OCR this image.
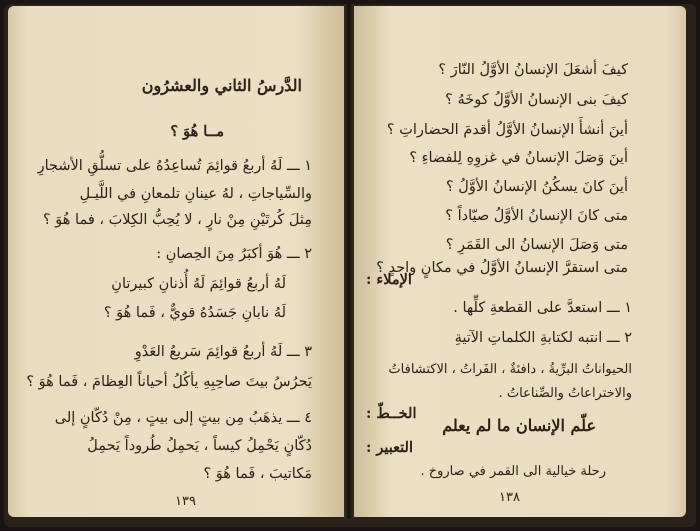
الدَّرسُ الثاني والعشرُون
مــا هُوَ ؟
١ ـــ لَهُ أربعُ قوائِمَ تُساعِدُهُ على تسلُّقِ الأشجارِ
والسِّياجاتِ ، لهُ عينانِ تلمعانِ في اللَّيـلِ
مِثلَ كُرتَيْنِ مِنْ نارٍ ، لا يُحِبُّ الكِلابَ ، فما هُوَ ؟
٢ ـــ هُوَ أكبَرُ مِنَ الحِصانِ :
لَهُ أربعُ قوائِمَ لَهُ أُذنانِ كبيرتانِ
لَهُ نابانِ جَسَدُهُ قويٌّ ، فَما هُوَ ؟
٣ ـــ لَهُ أربعُ قوائِمَ سَريعُ العَدْوِ
يَحرُسُ بيتَ صاحِبِهِ يأكُلُ أحياناً العِظامَ ، فَما هُوَ ؟
٤ ـــ يذهَبُ مِن بيتٍ إلى بيتٍ ، مِنْ دُكّانٍ إلى
دُكّانٍ يَحْمِلُ كيساً ، يَحمِلُ طُروداً يَحمِلُ
مَكاتيبَ ، فَما هُوَ ؟
١٣٩
كيفَ أشعَلَ الإنسانُ الأوَّلُ النّارَ ؟
كيفَ بنى الإنسانُ الأوَّلُ كوخَهُ ؟
أينَ أنشأَ الإنسانُ الأوَّلُ أقدمَ الحضاراتِ ؟
أينَ وَصَلَ الإنسانُ في غزوِهِ لِلفضاءِ ؟
أينَ كانَ يسكُنُ الإنسانُ الأوَّلُ ؟
متى كانَ الإنسانُ الأوَّلُ صيّاداً ؟
متى وَصَلَ الإنسانُ الى القَمَرِ ؟
متى استقرَّ الإنسانُ الأوَّلُ في مكانٍ واحدٍ ؟
الإملاء :
١ ـــ استعدَّ على القطعةِ كلِّها .
٢ ـــ انتبه لكتابةِ الكلماتِ الآتيةِ
الحيواناتُ البرِّيةُ ، دافئةٌ ، الفَراتُ ، الاكتشافاتُ
والاختراعاتُ والصِّناعاتُ .
الخــطّ :
علّم الإنسان ما لم يعلم
التعبير :
رحلة خيالية الى القمر في صاروخ .
١٣٨
